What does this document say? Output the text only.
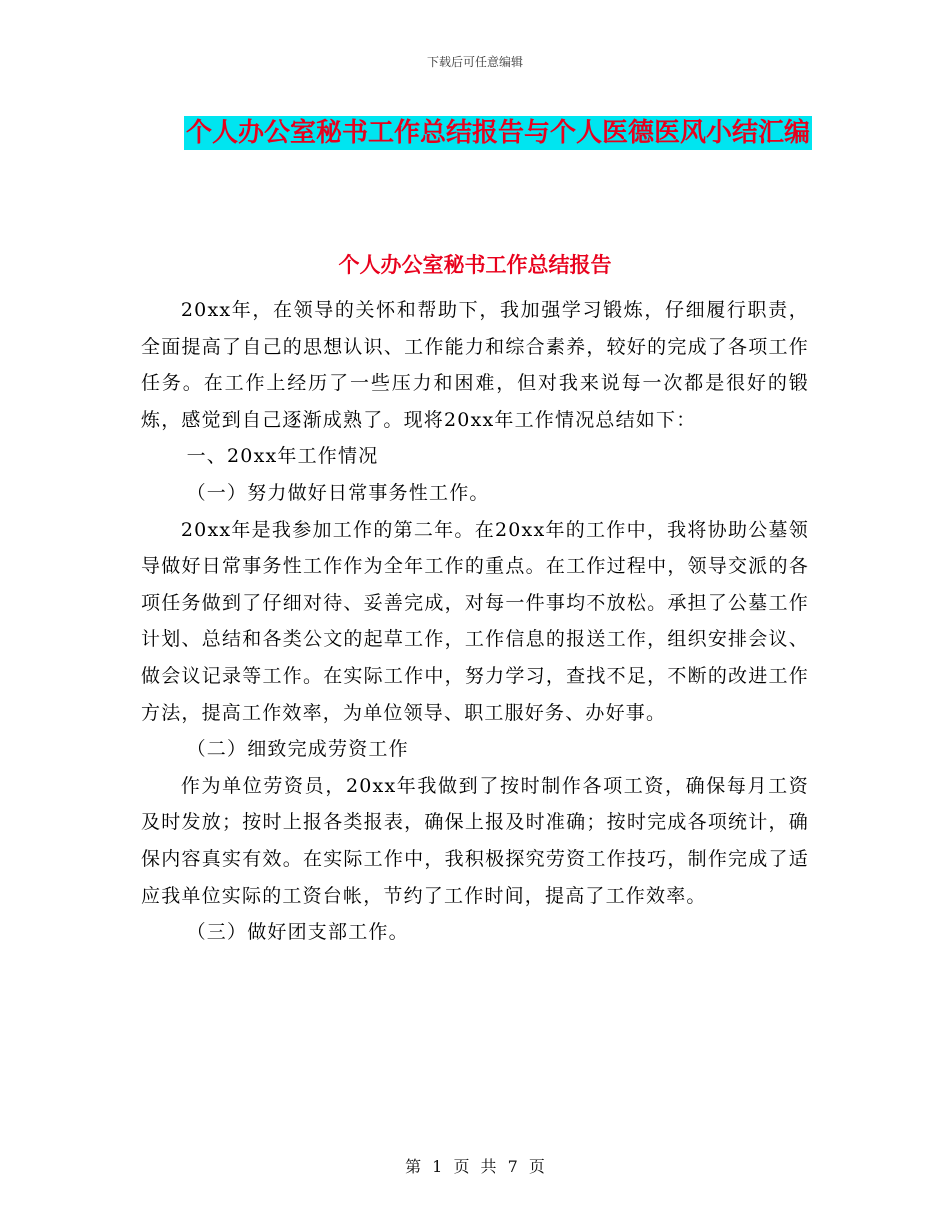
下载后可任意编辑
个人办公室秘书工作总结报告与个人医德医风小结汇编
个人办公室秘书工作总结报告

20xx年，在领导的关怀和帮助下，我加强学习锻炼，仔细履行职责，全面提高了自己的思想认识、工作能力和综合素养，较好的完成了各项工作任务。在工作上经历了一些压力和困难，但对我来说每一次都是很好的锻炼，感觉到自己逐渐成熟了。现将20xx年工作情况总结如下：

一、20xx年工作情况

（一）努力做好日常事务性工作。

20xx年是我参加工作的第二年。在20xx年的工作中，我将协助公墓领导做好日常事务性工作作为全年工作的重点。在工作过程中，领导交派的各项任务做到了仔细对待、妥善完成，对每一件事均不放松。承担了公墓工作计划、总结和各类公文的起草工作，工作信息的报送工作，组织安排会议、做会议记录等工作。在实际工作中，努力学习，查找不足，不断的改进工作方法，提高工作效率，为单位领导、职工服好务、办好事。

（二）细致完成劳资工作

作为单位劳资员，20xx年我做到了按时制作各项工资，确保每月工资及时发放；按时上报各类报表，确保上报及时准确；按时完成各项统计，确保内容真实有效。在实际工作中，我积极探究劳资工作技巧，制作完成了适应我单位实际的工资台帐，节约了工作时间，提高了工作效率。

（三）做好团支部工作。

第 1 页 共 7 页
